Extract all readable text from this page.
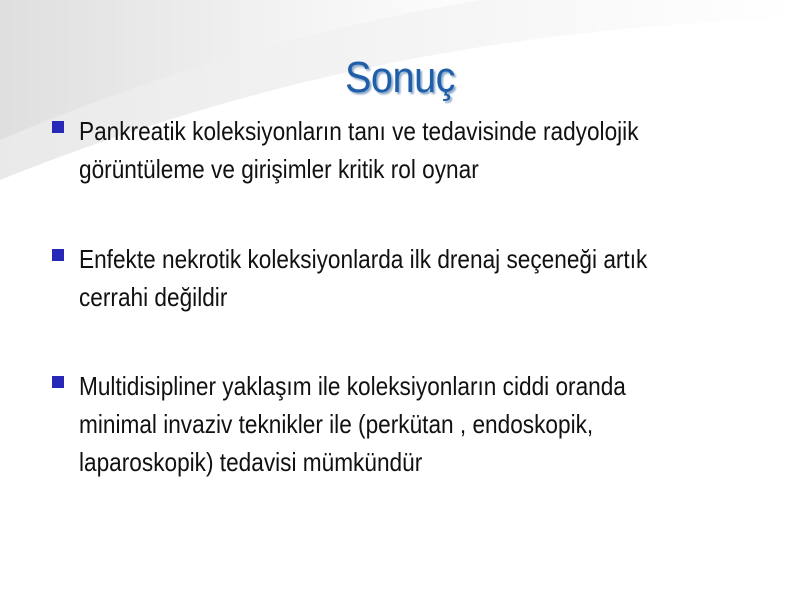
Sonuç
Pankreatik koleksiyonların tanı ve tedavisinde radyolojik
görüntüleme ve girişimler kritik rol oynar
Enfekte nekrotik koleksiyonlarda ilk drenaj seçeneği artık
cerrahi değildir
Multidisipliner yaklaşım ile koleksiyonların ciddi oranda
minimal invaziv teknikler ile (perkütan , endoskopik,
laparoskopik) tedavisi mümkündür
